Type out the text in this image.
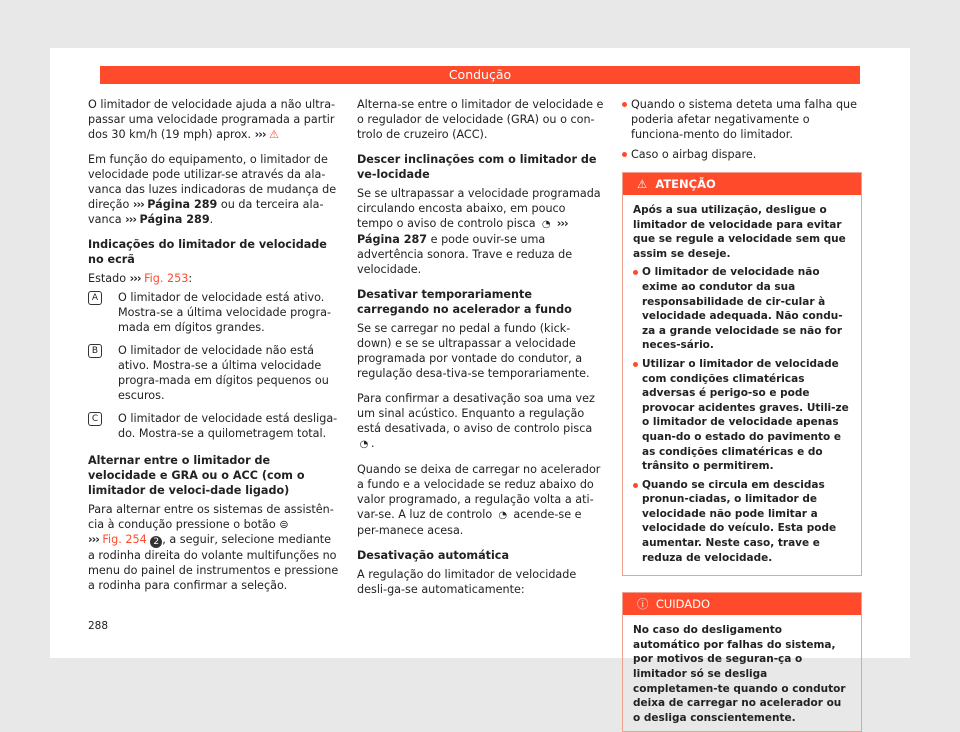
Condução

O limitador de velocidade ajuda a não ultra-passar uma velocidade programada a partir dos 30 km/h (19 mph) aprox. ››› ⚠

Em função do equipamento, o limitador de velocidade pode utilizar-se através da ala-vanca das luzes indicadoras de mudança de direção ››› Página 289 ou da terceira ala-vanca ››› Página 289.

Indicações do limitador de velocidade no ecrã

Estado ››› Fig. 253:

A	O limitador de velocidade está ativo. Mostra-se a última velocidade progra-mada em dígitos grandes.
B	O limitador de velocidade não está ativo. Mostra-se a última velocidade progra-mada em dígitos pequenos ou escuros.
C	O limitador de velocidade está desliga-do. Mostra-se a quilometragem total.
Alternar entre o limitador de velocidade e GRA ou o ACC (com o limitador de veloci-dade ligado)

Para alternar entre os sistemas de assistên-cia à condução pressione o botão ⊜
››› Fig. 254 2 , a seguir, selecione mediante a rodinha direita do volante multifunções no menu do painel de instrumentos e pressione a rodinha para confirmar a seleção.

Alterna-se entre o limitador de velocidade e o regulador de velocidade (GRA) ou o con-trolo de cruzeiro (ACC).

Descer inclinações com o limitador de ve-locidade

Se se ultrapassar a velocidade programada circulando encosta abaixo, em pouco tempo o aviso de controlo pisca ◔ ››› Página 287 e pode ouvir-se uma advertência sonora. Trave e reduza de velocidade.

Desativar temporariamente carregando no acelerador a fundo

Se se carregar no pedal a fundo (kick-down) e se se ultrapassar a velocidade programada por vontade do condutor, a regulação desa-tiva-se temporariamente.

Para confirmar a desativação soa uma vez um sinal acústico. Enquanto a regulação está desativada, o aviso de controlo pisca ◔ .

Quando se deixa de carregar no acelerador a fundo e a velocidade se reduz abaixo do valor programado, a regulação volta a ati-var-se. A luz de controlo ◔ acende-se e per-manece acesa.

Desativação automática

A regulação do limitador de velocidade desli-ga-se automaticamente:

Quando o sistema deteta uma falha que poderia afetar negativamente o funciona-mento do limitador.
Caso o airbag dispare.
⚠ ATENÇÃO

Após a sua utilização, desligue o limitador de velocidade para evitar que se regule a velocidade sem que assim se deseje.

O limitador de velocidade não exime ao condutor da sua responsabilidade de cir-cular à velocidade adequada. Não condu-za a grande velocidade se não for neces-sário.
Utilizar o limitador de velocidade com condições climatéricas adversas é perigo-so e pode provocar acidentes graves. Utili-ze o limitador de velocidade apenas quan-do o estado do pavimento e as condições climatéricas e do trânsito o permitirem.
Quando se circula em descidas pronun-ciadas, o limitador de velocidade não pode limitar a velocidade do veículo. Esta pode aumentar. Neste caso, trave e reduza de velocidade.
ⓘ CUIDADO
No caso do desligamento automático por falhas do sistema, por motivos de seguran-ça o limitador só se desliga completamen-te quando o condutor deixa de carregar no acelerador ou o desliga conscientemente.
288
